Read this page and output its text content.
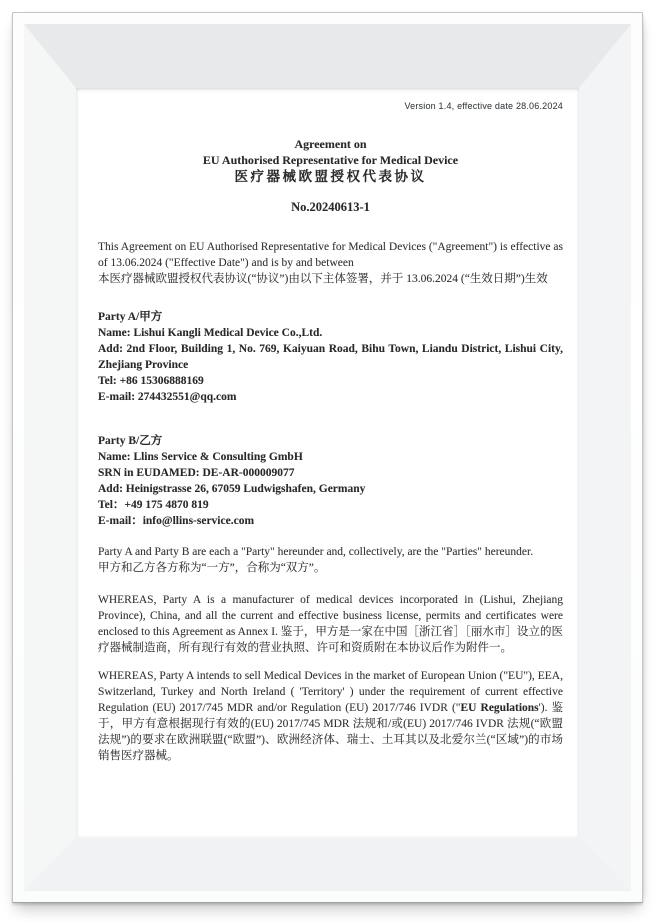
Version 1.4, effective date 28.06.2024
Agreement on
EU Authorised Representative for Medical Device
医疗器械欧盟授权代表协议
No.20240613-1
This Agreement on EU Authorised Representative for Medical Devices ("Agreement") is effective as of 13.06.2024 ("Effective Date") and is by and between
本医疗器械欧盟授权代表协议(“协议”)由以下主体签署，并于 13.06.2024 (“生效日期”)生效
Party A/甲方
Name: Lishui Kangli Medical Device Co.,Ltd.
Add: 2nd Floor, Building 1, No. 769, Kaiyuan Road, Bihu Town, Liandu District, Lishui City, Zhejiang Province
Tel: +86 15306888169
E-mail: 274432551@qq.com
Party B/乙方
Name: Llins Service & Consulting GmbH
SRN in EUDAMED: DE-AR-000009077
Add: Heinigstrasse 26, 67059 Ludwigshafen, Germany
Tel：+49 175 4870 819
E-mail：info@llins-service.com
Party A and Party B are each a "Party" hereunder and, collectively, are the "Parties" hereunder.
甲方和乙方各方称为“一方”，合称为“双方”。
WHEREAS, Party A is a manufacturer of medical devices incorporated in (Lishui, Zhejiang Province), China, and all the current and effective business license, permits and certificates were enclosed to this Agreement as Annex I. 鉴于，甲方是一家在中国［浙江省］［丽水市］设立的医疗器械制造商，所有现行有效的营业执照、许可和资质附在本协议后作为附件一。
WHEREAS, Party A intends to sell Medical Devices in the market of European Union ("EU"), EEA, Switzerland, Turkey and North Ireland ( 'Territory' ) under the requirement of current effective Regulation (EU) 2017/745 MDR and/or Regulation (EU) 2017/746 IVDR ("EU Regulations'). 鉴于，甲方有意根据现行有效的(EU) 2017/745 MDR 法规和/或(EU) 2017/746 IVDR 法规(“欧盟法规”)的要求在欧洲联盟(“欧盟”)、欧洲经济体、瑞士、土耳其以及北爱尔兰(“区域”)的市场销售医疗器械。
